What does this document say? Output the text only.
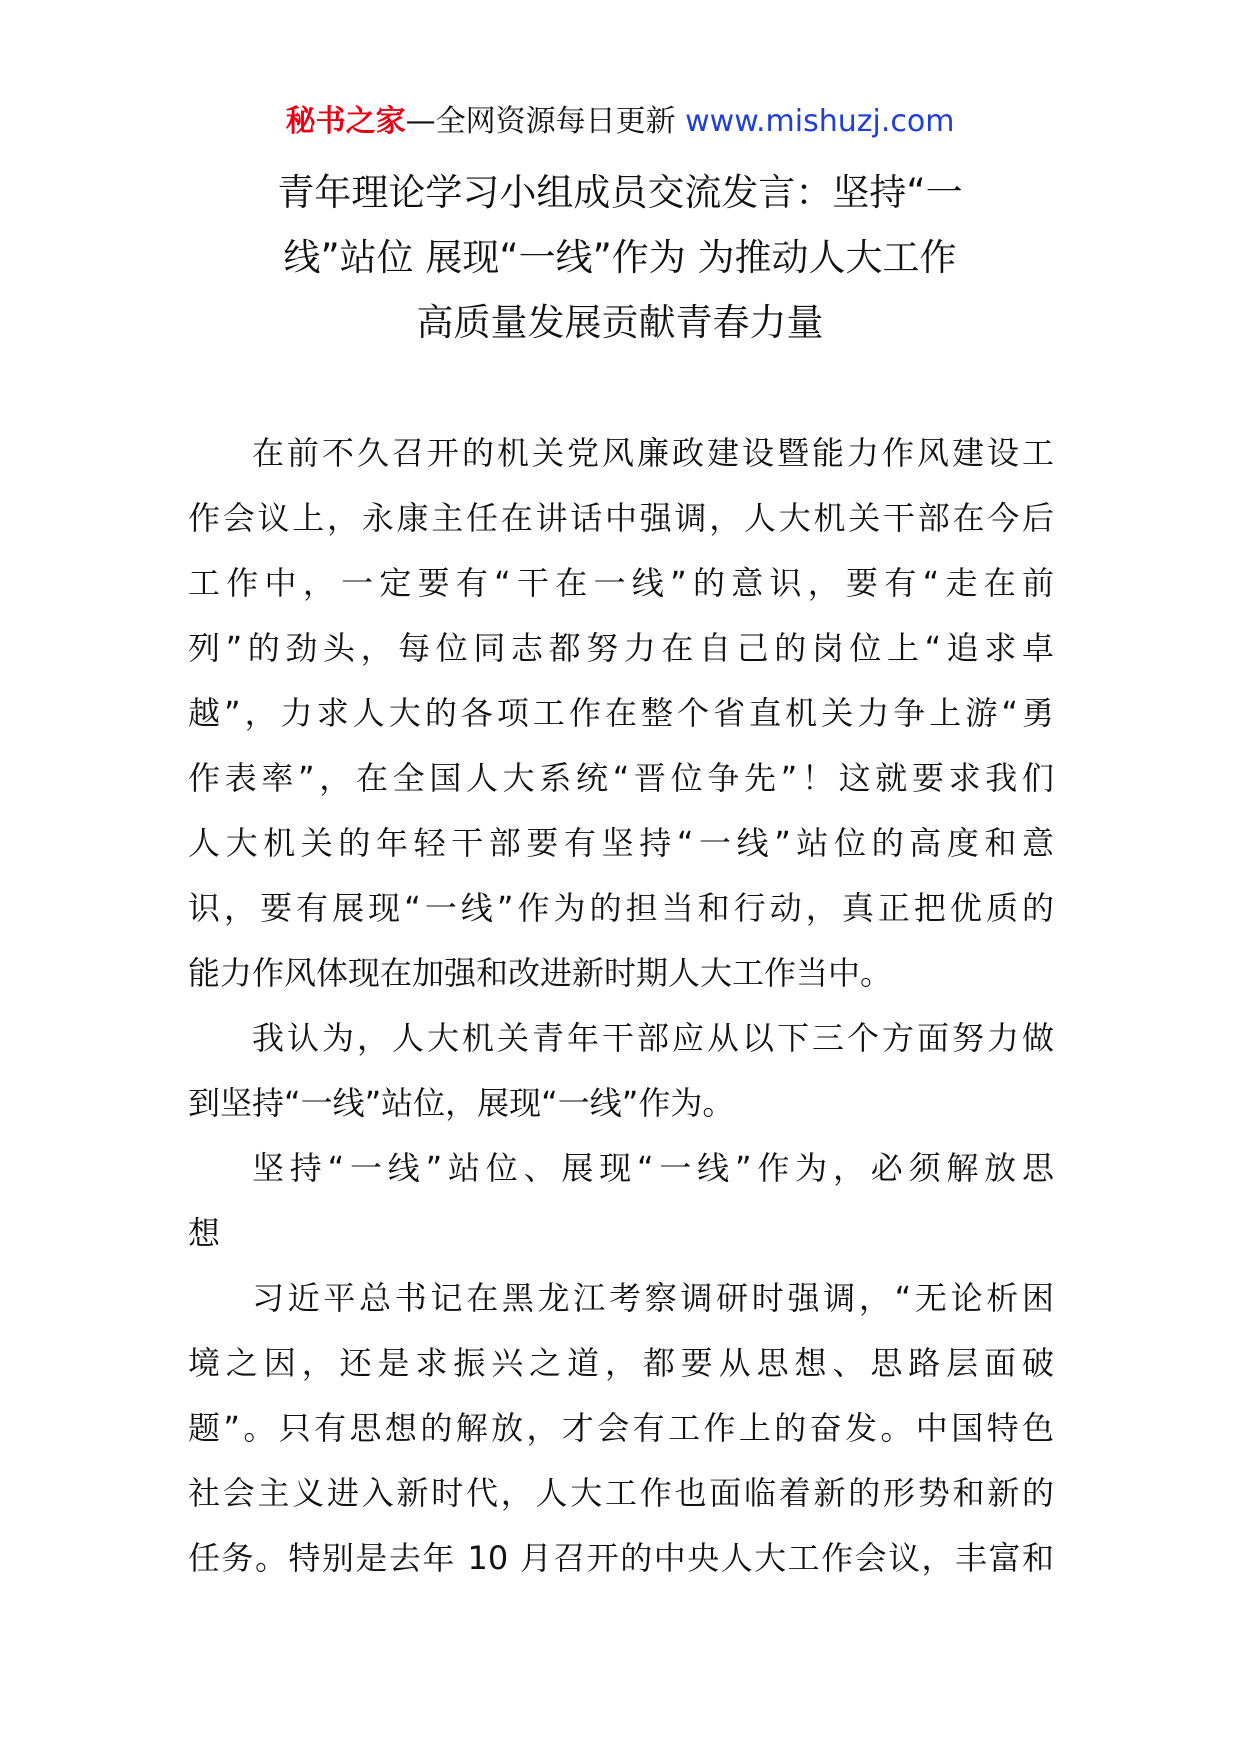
秘书之家—全网资源每日更新 www.mishuzj.com
青年理论学习小组成员交流发言：坚持“一
线”站位 展现“一线”作为 为推动人大工作
高质量发展贡献青春力量

在前不久召开的机关党风廉政建设暨能力作风建设工
作会议上，永康主任在讲话中强调，人大机关干部在今后
工作中，一定要有“干在一线”的意识，要有“走在前
列”的劲头，每位同志都努力在自己的岗位上“追求卓
越”，力求人大的各项工作在整个省直机关力争上游“勇
作表率”，在全国人大系统“晋位争先”！这就要求我们
人大机关的年轻干部要有坚持“一线”站位的高度和意
识，要有展现“一线”作为的担当和行动，真正把优质的
能力作风体现在加强和改进新时期人大工作当中。

我认为，人大机关青年干部应从以下三个方面努力做
到坚持“一线”站位，展现“一线”作为。

坚持“一线”站位、展现“一线”作为，必须解放思
想

习近平总书记在黑龙江考察调研时强调，“无论析困
境之因，还是求振兴之道，都要从思想、思路层面破
题”。只有思想的解放，才会有工作上的奋发。中国特色
社会主义进入新时代，人大工作也面临着新的形势和新的
任务。特别是去年 10 月召开的中央人大工作会议，丰富和
